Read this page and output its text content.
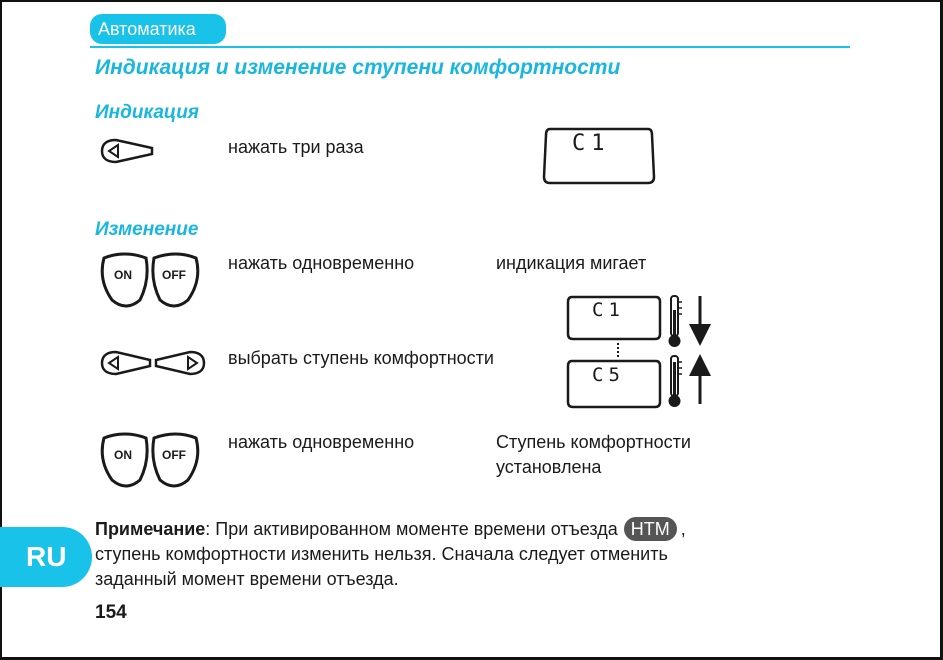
Автоматика
Индикация и изменение ступени комфортности
Индикация
нажать три раза	C1
Изменение
ON	OFF
нажать одновременно	индикация мигает
выбрать ступень комфортности
C1
C5
ON	OFF
нажать одновременно	Ступень комфортности
установлена
RU
Примечание: При активированном моменте времени отъезда HTM ,
ступень комфортности изменить нельзя. Сначала следует отменить
заданный момент времени отъезда.
154
